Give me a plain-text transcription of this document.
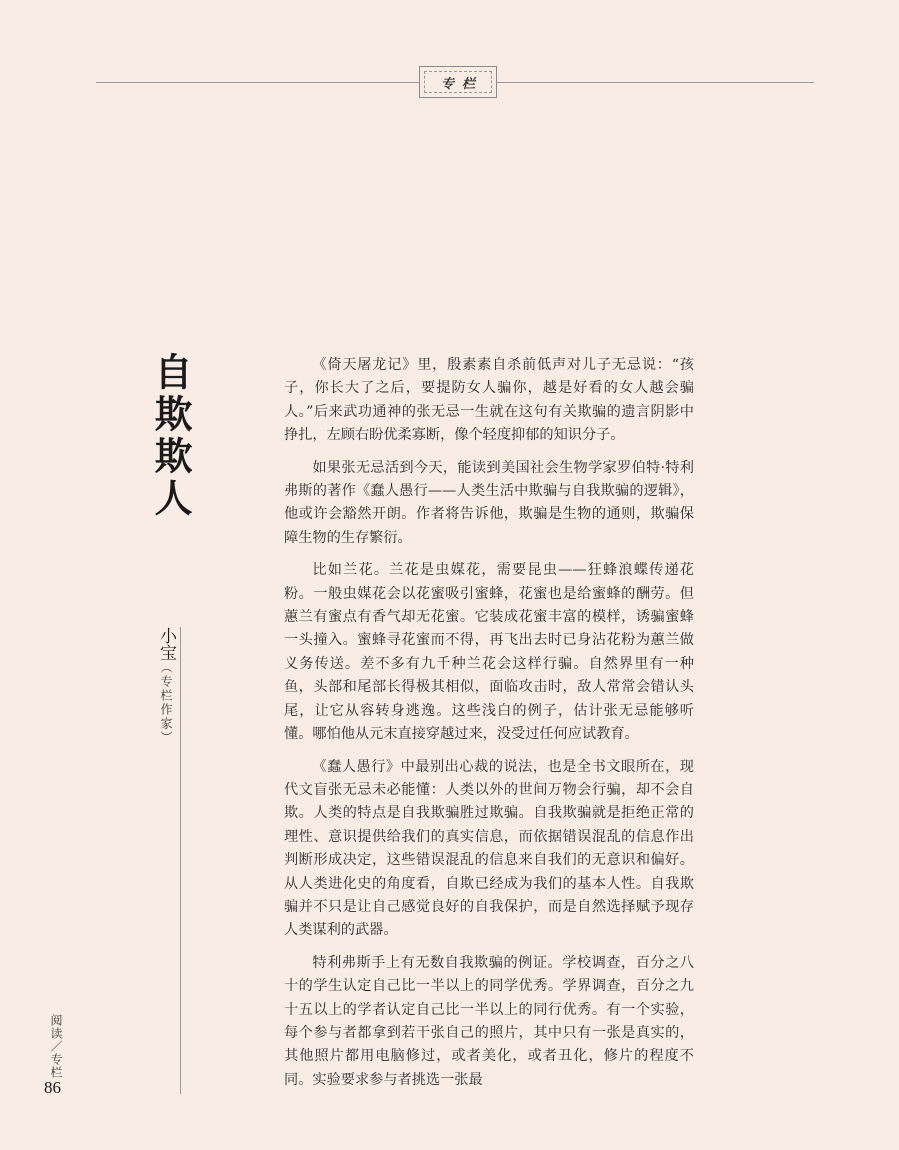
专栏
自欺欺人
小宝（专栏作家）

《倚天屠龙记》里，殷素素自杀前低声对儿子无忌说：“孩子，你长大了之后，要提防女人骗你，越是好看的女人越会骗人。”后来武功通神的张无忌一生就在这句有关欺骗的遗言阴影中挣扎，左顾右盼优柔寡断，像个轻度抑郁的知识分子。

如果张无忌活到今天，能读到美国社会生物学家罗伯特·特利弗斯的著作《蠢人愚行——人类生活中欺骗与自我欺骗的逻辑》，他或许会豁然开朗。作者将告诉他，欺骗是生物的通则，欺骗保障生物的生存繁衍。

比如兰花。兰花是虫媒花，需要昆虫——狂蜂浪蝶传递花粉。一般虫媒花会以花蜜吸引蜜蜂，花蜜也是给蜜蜂的酬劳。但蕙兰有蜜点有香气却无花蜜。它装成花蜜丰富的模样，诱骗蜜蜂一头撞入。蜜蜂寻花蜜而不得，再飞出去时已身沾花粉为蕙兰做义务传送。差不多有九千种兰花会这样行骗。自然界里有一种鱼，头部和尾部长得极其相似，面临攻击时，敌人常常会错认头尾，让它从容转身逃逸。这些浅白的例子，估计张无忌能够听懂。哪怕他从元末直接穿越过来，没受过任何应试教育。

《蠢人愚行》中最别出心裁的说法，也是全书文眼所在，现代文盲张无忌未必能懂：人类以外的世间万物会行骗，却不会自欺。人类的特点是自我欺骗胜过欺骗。自我欺骗就是拒绝正常的理性、意识提供给我们的真实信息，而依据错误混乱的信息作出判断形成决定，这些错误混乱的信息来自我们的无意识和偏好。从人类进化史的角度看，自欺已经成为我们的基本人性。自我欺骗并不只是让自己感觉良好的自我保护，而是自然选择赋予现存人类谋利的武器。

特利弗斯手上有无数自我欺骗的例证。学校调查，百分之八十的学生认定自己比一半以上的同学优秀。学界调查，百分之九十五以上的学者认定自己比一半以上的同行优秀。有一个实验，每个参与者都拿到若干张自己的照片，其中只有一张是真实的，其他照片都用电脑修过，或者美化，或者丑化，修片的程度不同。实验要求参与者挑选一张最

阅读／专栏
86
